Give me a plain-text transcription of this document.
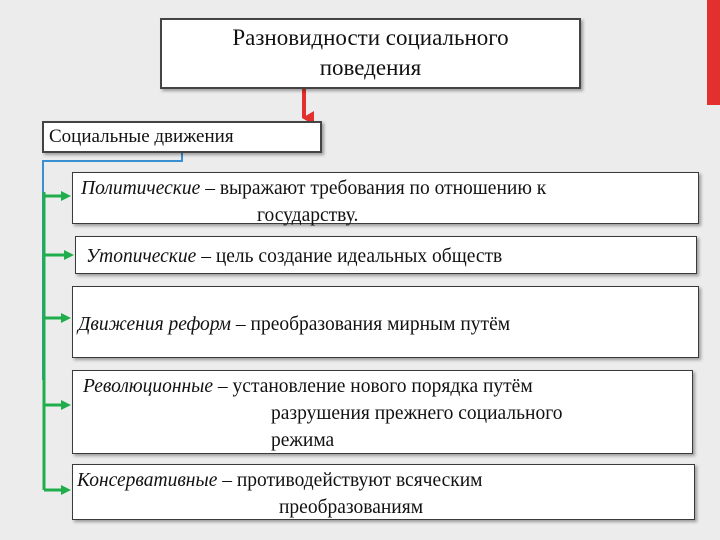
Разновидности социального
поведения
Социальные движения
Политические – выражают требования по отношению к
государству.
Утопические – цель создание идеальных обществ
Движения реформ – преобразования мирным путём
Революционные – установление нового порядка путём
разрушения прежнего социального
режима
Консервативные – противодействуют всяческим
преобразованиям
